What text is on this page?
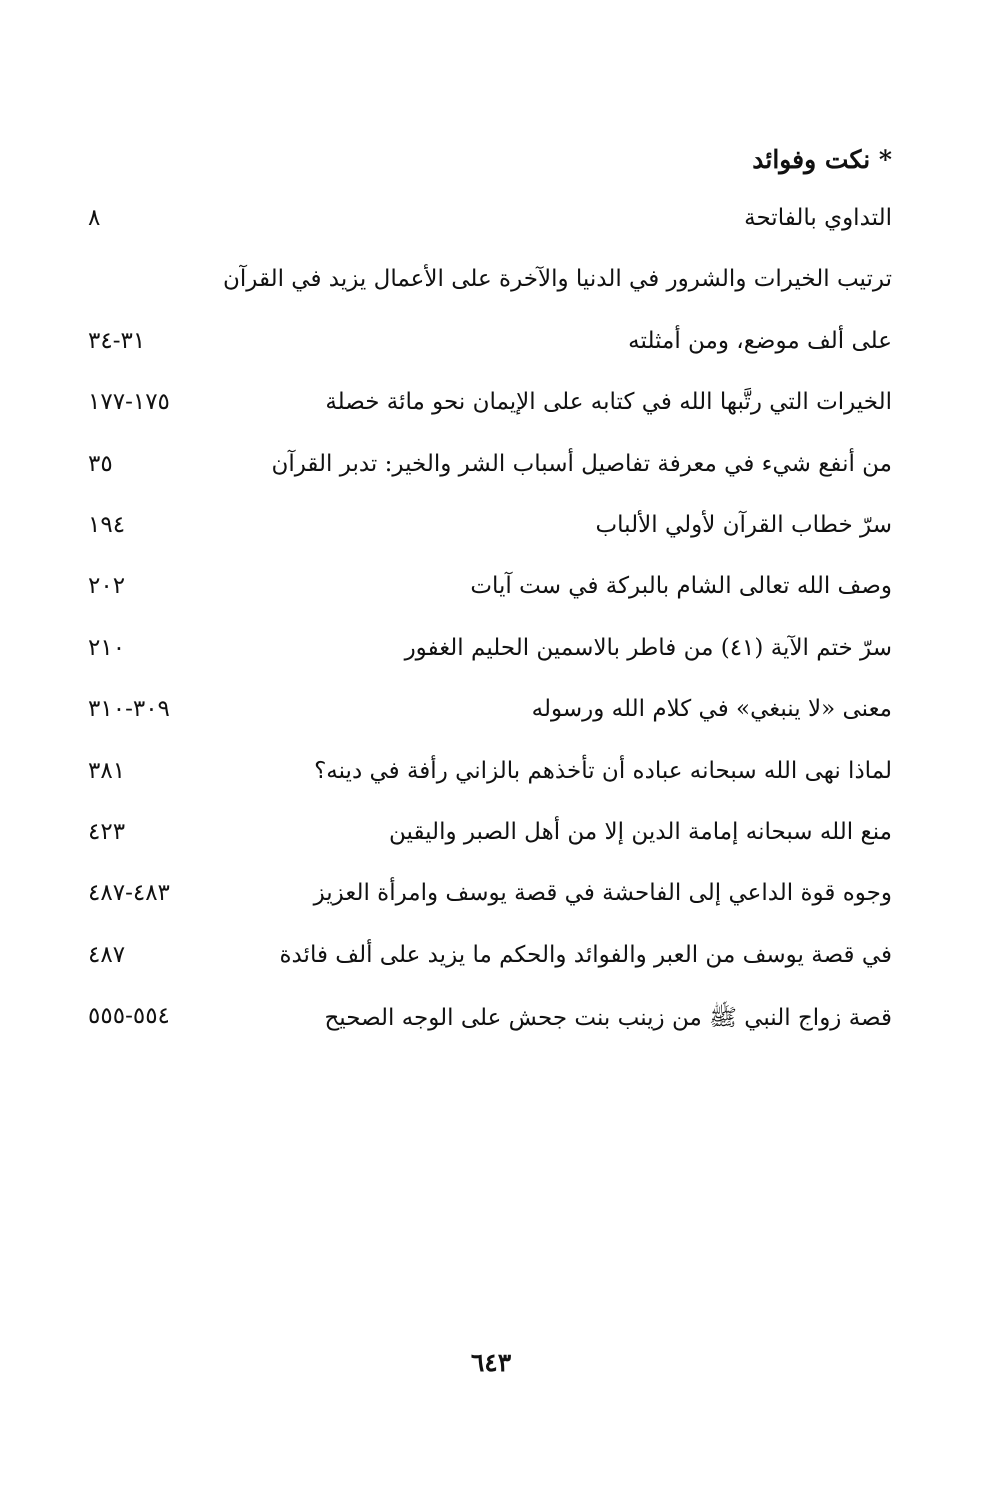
* نكت وفوائد
التداوي بالفاتحة
٨
ترتيب الخيرات والشرور في الدنيا والآخرة على الأعمال يزيد في القرآن
على ألف موضع، ومن أمثلته
٣١-٣٤
الخيرات التي رتَّبها الله في كتابه على الإيمان نحو مائة خصلة
١٧٥-١٧٧
من أنفع شيء في معرفة تفاصيل أسباب الشر والخير: تدبر القرآن
٣٥
سرّ خطاب القرآن لأولي الألباب
١٩٤
وصف الله تعالى الشام بالبركة في ست آيات
٢٠٢
سرّ ختم الآية (٤١) من فاطر بالاسمين الحليم الغفور
٢١٠
معنى «لا ينبغي» في كلام الله ورسوله
٣٠٩-٣١٠
لماذا نهى الله سبحانه عباده أن تأخذهم بالزاني رأفة في دينه؟
٣٨١
منع الله سبحانه إمامة الدين إلا من أهل الصبر واليقين
٤٢٣
وجوه قوة الداعي إلى الفاحشة في قصة يوسف وامرأة العزيز
٤٨٣-٤٨٧
في قصة يوسف من العبر والفوائد والحكم ما يزيد على ألف فائدة
٤٨٧
قصة زواج النبي ﷺ من زينب بنت جحش على الوجه الصحيح
٥٥٤-٥٥٥
٦٤٣
